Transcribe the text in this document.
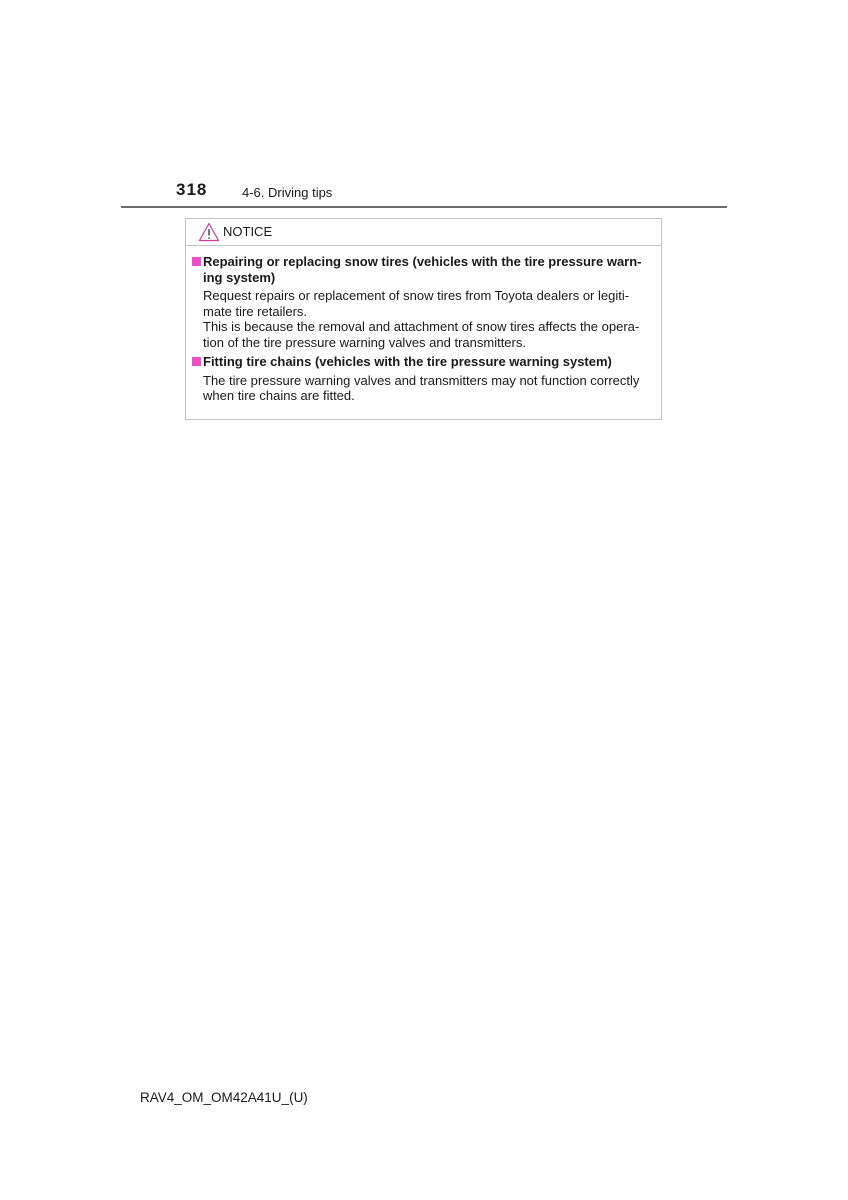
318	4-6. Driving tips
NOTICE
Repairing or replacing snow tires (vehicles with the tire pressure warn-
ing system)
Request repairs or replacement of snow tires from Toyota dealers or legiti-
mate tire retailers.
This is because the removal and attachment of snow tires affects the opera-
tion of the tire pressure warning valves and transmitters.
Fitting tire chains (vehicles with the tire pressure warning system)
The tire pressure warning valves and transmitters may not function correctly
when tire chains are fitted.
RAV4_OM_OM42A41U_(U)
